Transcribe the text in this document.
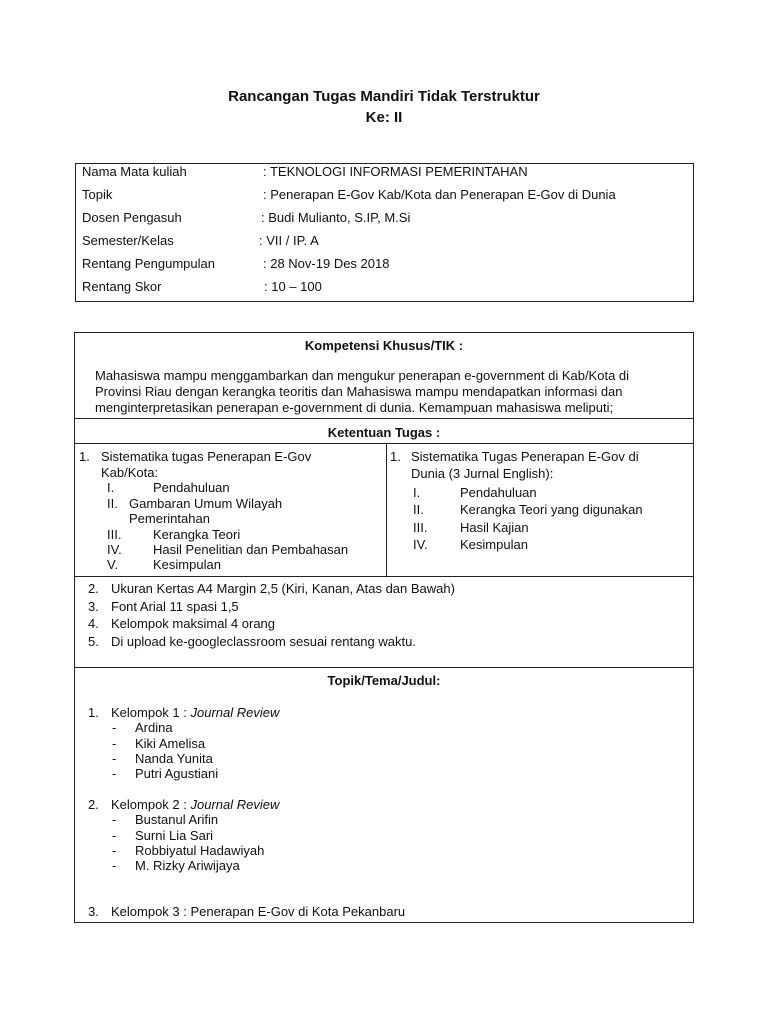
Rancangan Tugas Mandiri Tidak Terstruktur
Ke: II
Nama Mata kuliah	: TEKNOLOGI INFORMASI PEMERINTAHAN
Topik	: Penerapan E-Gov Kab/Kota dan Penerapan E-Gov di Dunia
Dosen Pengasuh	: Budi Mulianto, S.IP, M.Si
Semester/Kelas	: VII / IP. A
Rentang Pengumpulan	: 28 Nov-19 Des 2018
Rentang Skor	: 10 – 100
Kompetensi Khusus/TIK :
Mahasiswa mampu menggambarkan dan mengukur penerapan e-government di Kab/Kota di
Provinsi Riau dengan kerangka teoritis dan Mahasiswa mampu mendapatkan informasi dan
menginterpretasikan penerapan e-government di dunia. Kemampuan mahasiswa meliputi;
Ketentuan Tugas :
1. Sistematika tugas Penerapan E-Gov
Kab/Kota:
I.	Pendahuluan
II. Gambaran Umum Wilayah
Pemerintahan
III. Kerangka Teori
IV. Hasil Penelitian dan Pembahasan
V.	Kesimpulan
1. Sistematika Tugas Penerapan E-Gov di
Dunia (3 Jurnal English):
I.	Pendahuluan
II.	Kerangka Teori yang digunakan
III.	Hasil Kajian
IV. Kesimpulan
2. Ukuran Kertas A4 Margin 2,5 (Kiri, Kanan, Atas dan Bawah)
3. Font Arial 11 spasi 1,5
4. Kelompok maksimal 4 orang
5. Di upload ke-googleclassroom sesuai rentang waktu.
Topik/Tema/Judul:
1. Kelompok 1 : Journal Review
- Ardina
- Kiki Amelisa
- Nanda Yunita
- Putri Agustiani
2. Kelompok 2 : Journal Review
- Bustanul Arifin
- Surni Lia Sari
- Robbiyatul Hadawiyah
- M. Rizky Ariwijaya
3. Kelompok 3 : Penerapan E-Gov di Kota Pekanbaru
